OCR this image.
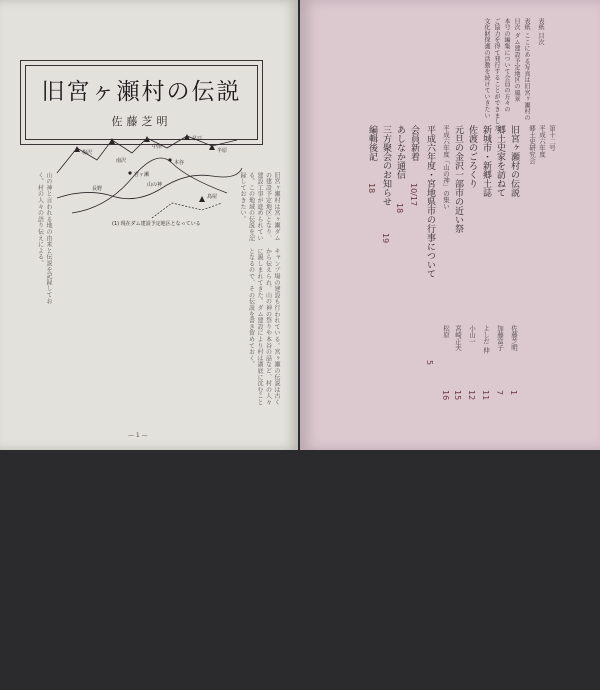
旧宮ヶ瀬村の伝説
佐藤芝明
梅沢
南沢
宮ヶ瀬
中津
早戸
半原
本谷
山の神
長野
鳥屋
(1) 現在ダム建設予定地区となっている	旧宮ヶ瀬村は宮ヶ瀬ダムの建設予定地区となり、建設工事が進められている。この地域の伝説を記録しておきたい。
山の神と言われる地の由来と伝説を記録しておく。村の人々の語り伝えによる。
キャンプ場の建設も行われている。宮ヶ瀬の伝説は古くから伝えられ、山の神の祭りや本谷の話など、村の人々に親しまれてきた。ダム建設により村は湖底に沈むこととなるので、その伝説を書き留めておく。
— 1 —
表紙 目次
表紙 ここにある写真は旧宮ヶ瀬村の
目次 ダム建設予定地区の風景
本号の編集について会員の方々の
ご協力を得て発行することができました
文化財保護の活動を続けていきたい
第十二号
平成六年度
郷土史研究会
旧宮ヶ瀬村の伝説
郷土史家を訪ねて
新城市・新郷土誌
佐渡のごろくり
元旦の金沢一部市の近い祭
平成六年度「山の神」の集い
平成六年度・宮地県市の行事について
5
会員新着
10/17
あしなか通信
18
三方聚会のお知らせ
19
編輯後記
18
佐藤芝明
加藤富子
よしだ 伸
小山一
宮崎正夫
松原
1
7
11
12
15
16
